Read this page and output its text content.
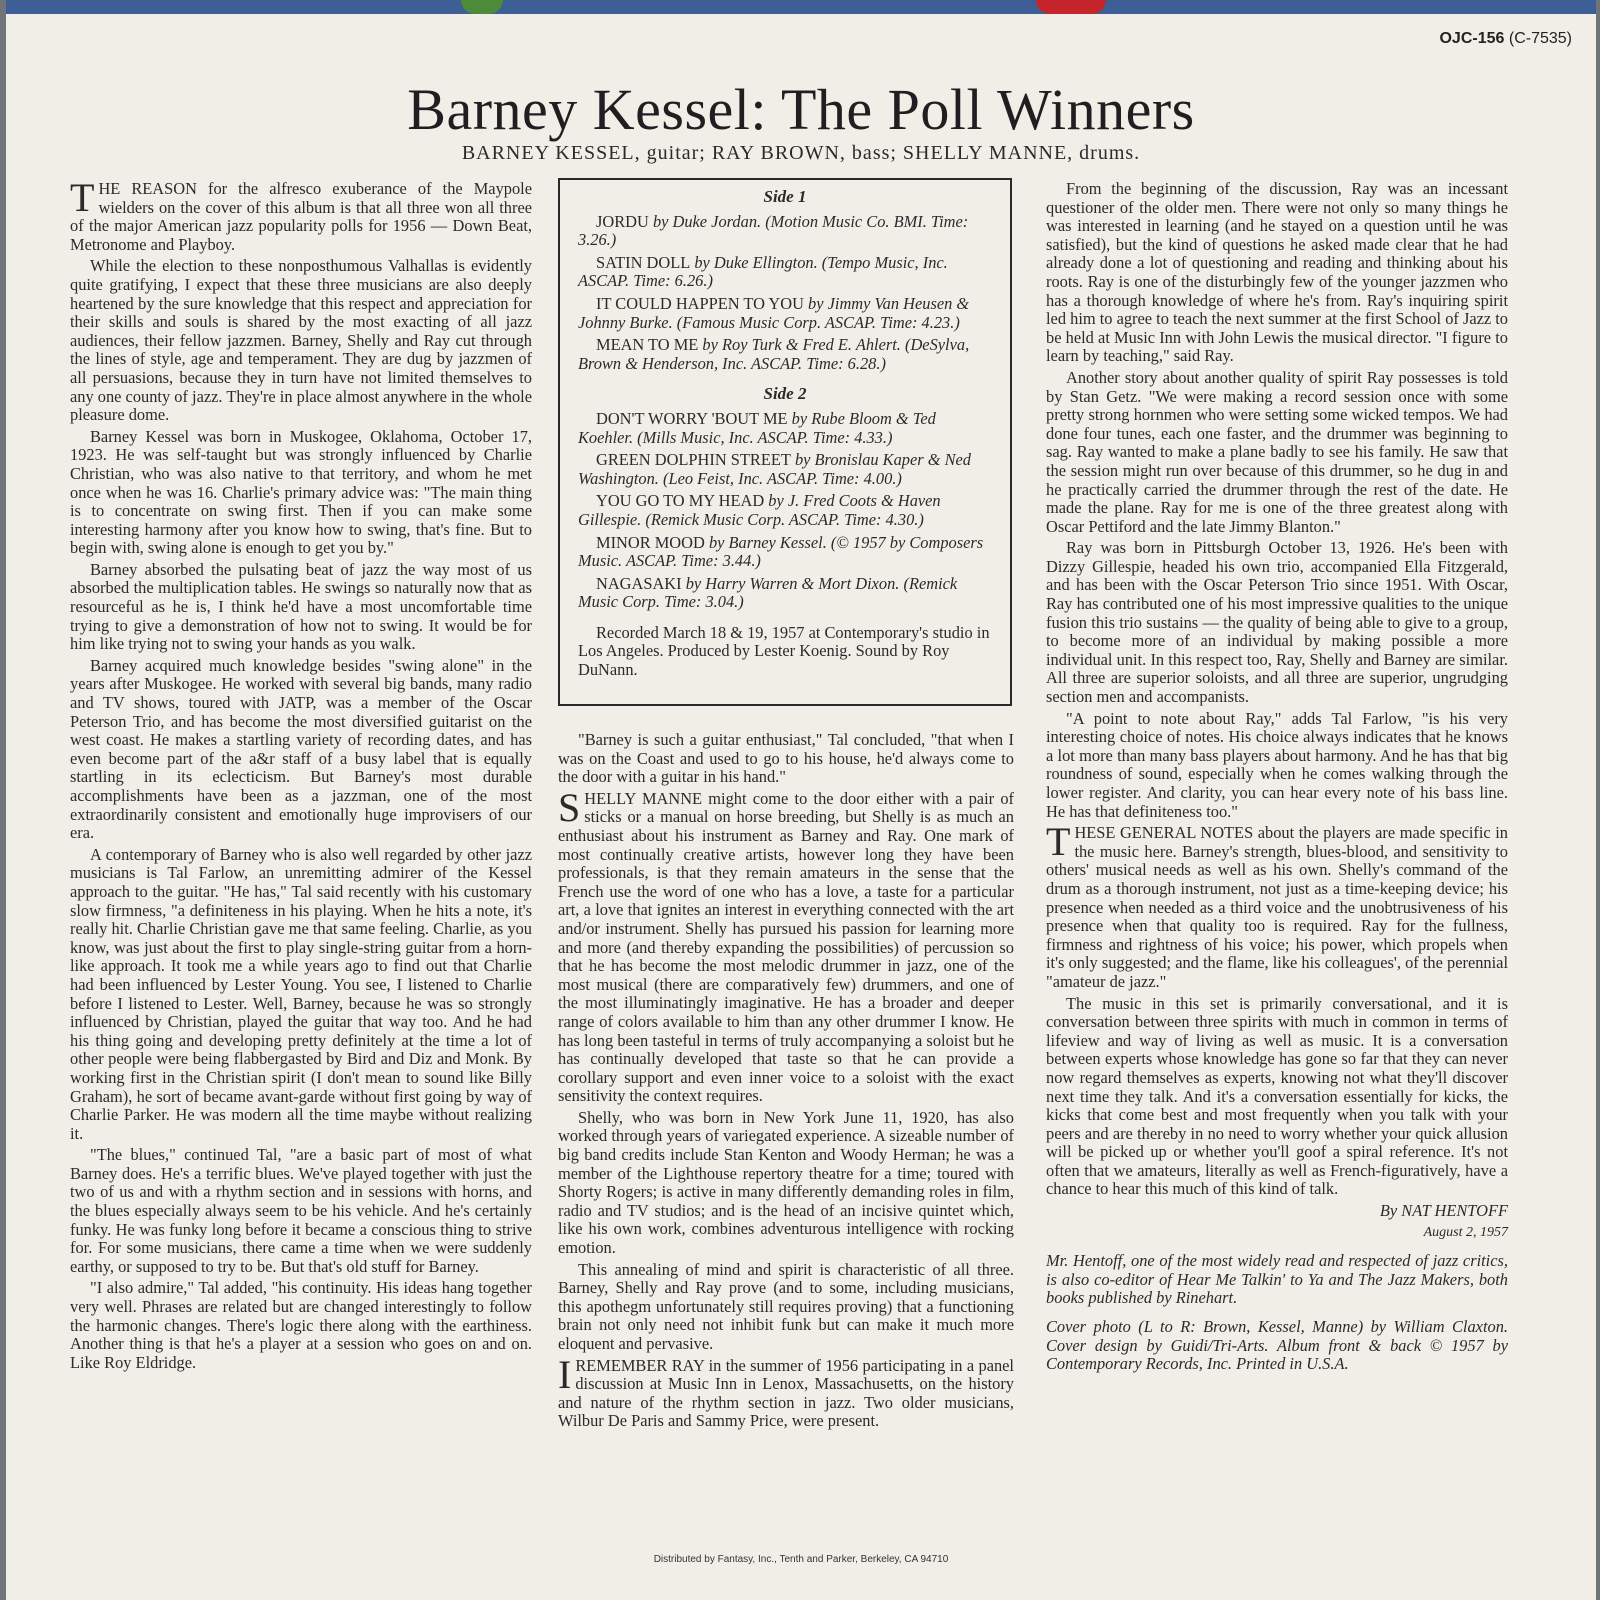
OJC-156 (C-7535)
Barney Kessel: The Poll Winners
BARNEY KESSEL, guitar; RAY BROWN, bass; SHELLY MANNE, drums.

THE REASON for the alfresco exuberance of the Maypole wielders on the cover of this album is that all three won all three of the major American jazz popularity polls for 1956 — Down Beat, Metronome and Playboy.

While the election to these nonposthumous Valhallas is evidently quite gratifying, I expect that these three musicians are also deeply heartened by the sure knowledge that this respect and appreciation for their skills and souls is shared by the most exacting of all jazz audiences, their fellow jazzmen. Barney, Shelly and Ray cut through the lines of style, age and temperament. They are dug by jazzmen of all persuasions, because they in turn have not limited themselves to any one county of jazz. They're in place almost anywhere in the whole pleasure dome.

Barney Kessel was born in Muskogee, Oklahoma, October 17, 1923. He was self-taught but was strongly influenced by Charlie Christian, who was also native to that territory, and whom he met once when he was 16. Charlie's primary advice was: "The main thing is to concentrate on swing first. Then if you can make some interesting harmony after you know how to swing, that's fine. But to begin with, swing alone is enough to get you by."

Barney absorbed the pulsating beat of jazz the way most of us absorbed the multiplication tables. He swings so naturally now that as resourceful as he is, I think he'd have a most uncomfortable time trying to give a demonstration of how not to swing. It would be for him like trying not to swing your hands as you walk.

Barney acquired much knowledge besides "swing alone" in the years after Muskogee. He worked with several big bands, many radio and TV shows, toured with JATP, was a member of the Oscar Peterson Trio, and has become the most diversified guitarist on the west coast. He makes a startling variety of recording dates, and has even become part of the a&r staff of a busy label that is equally startling in its eclecticism. But Barney's most durable accomplishments have been as a jazzman, one of the most extraordinarily consistent and emotionally huge improvisers of our era.

A contemporary of Barney who is also well regarded by other jazz musicians is Tal Farlow, an unremitting admirer of the Kessel approach to the guitar. "He has," Tal said recently with his customary slow firmness, "a definiteness in his playing. When he hits a note, it's really hit. Charlie Christian gave me that same feeling. Charlie, as you know, was just about the first to play single-string guitar from a horn-like approach. It took me a while years ago to find out that Charlie had been influenced by Lester Young. You see, I listened to Charlie before I listened to Lester. Well, Barney, because he was so strongly influenced by Christian, played the guitar that way too. And he had his thing going and developing pretty definitely at the time a lot of other people were being flabbergasted by Bird and Diz and Monk. By working first in the Christian spirit (I don't mean to sound like Billy Graham), he sort of became avant-garde without first going by way of Charlie Parker. He was modern all the time maybe without realizing it.

"The blues," continued Tal, "are a basic part of most of what Barney does. He's a terrific blues. We've played together with just the two of us and with a rhythm section and in sessions with horns, and the blues especially always seem to be his vehicle. And he's certainly funky. He was funky long before it became a conscious thing to strive for. For some musicians, there came a time when we were suddenly earthy, or supposed to try to be. But that's old stuff for Barney.

"I also admire," Tal added, "his continuity. His ideas hang together very well. Phrases are related but are changed interestingly to follow the harmonic changes. There's logic there along with the earthiness. Another thing is that he's a player at a session who goes on and on. Like Roy Eldridge.

Side 1
JORDU by Duke Jordan. (Motion Music Co. BMI. Time: 3.26.)
SATIN DOLL by Duke Ellington. (Tempo Music, Inc. ASCAP. Time: 6.26.)
IT COULD HAPPEN TO YOU by Jimmy Van Heusen & Johnny Burke. (Famous Music Corp. ASCAP. Time: 4.23.)
MEAN TO ME by Roy Turk & Fred E. Ahlert. (DeSylva, Brown & Henderson, Inc. ASCAP. Time: 6.28.)
Side 2
DON'T WORRY 'BOUT ME by Rube Bloom & Ted Koehler. (Mills Music, Inc. ASCAP. Time: 4.33.)
GREEN DOLPHIN STREET by Bronislau Kaper & Ned Washington. (Leo Feist, Inc. ASCAP. Time: 4.00.)
YOU GO TO MY HEAD by J. Fred Coots & Haven Gillespie. (Remick Music Corp. ASCAP. Time: 4.30.)
MINOR MOOD by Barney Kessel. (© 1957 by Composers Music. ASCAP. Time: 3.44.)
NAGASAKI by Harry Warren & Mort Dixon. (Remick Music Corp. Time: 3.04.)
Recorded March 18 & 19, 1957 at Contemporary's studio in Los Angeles. Produced by Lester Koenig. Sound by Roy DuNann.

"Barney is such a guitar enthusiast," Tal concluded, "that when I was on the Coast and used to go to his house, he'd always come to the door with a guitar in his hand."

SHELLY MANNE might come to the door either with a pair of sticks or a manual on horse breeding, but Shelly is as much an enthusiast about his instrument as Barney and Ray. One mark of most continually creative artists, however long they have been professionals, is that they remain amateurs in the sense that the French use the word of one who has a love, a taste for a particular art, a love that ignites an interest in everything connected with the art and/or instrument. Shelly has pursued his passion for learning more and more (and thereby expanding the possibilities) of percussion so that he has become the most melodic drummer in jazz, one of the most musical (there are comparatively few) drummers, and one of the most illuminatingly imaginative. He has a broader and deeper range of colors available to him than any other drummer I know. He has long been tasteful in terms of truly accompanying a soloist but he has continually developed that taste so that he can provide a corollary support and even inner voice to a soloist with the exact sensitivity the context requires.

Shelly, who was born in New York June 11, 1920, has also worked through years of variegated experience. A sizeable number of big band credits include Stan Kenton and Woody Herman; he was a member of the Lighthouse repertory theatre for a time; toured with Shorty Rogers; is active in many differently demanding roles in film, radio and TV studios; and is the head of an incisive quintet which, like his own work, combines adventurous intelligence with rocking emotion.

This annealing of mind and spirit is characteristic of all three. Barney, Shelly and Ray prove (and to some, including musicians, this apothegm unfortunately still requires proving) that a functioning brain not only need not inhibit funk but can make it much more eloquent and pervasive.

IREMEMBER RAY in the summer of 1956 participating in a panel discussion at Music Inn in Lenox, Massachusetts, on the history and nature of the rhythm section in jazz. Two older musicians, Wilbur De Paris and Sammy Price, were present.

From the beginning of the discussion, Ray was an incessant questioner of the older men. There were not only so many things he was interested in learning (and he stayed on a question until he was satisfied), but the kind of questions he asked made clear that he had already done a lot of questioning and reading and thinking about his roots. Ray is one of the disturbingly few of the younger jazzmen who has a thorough knowledge of where he's from. Ray's inquiring spirit led him to agree to teach the next summer at the first School of Jazz to be held at Music Inn with John Lewis the musical director. "I figure to learn by teaching," said Ray.

Another story about another quality of spirit Ray possesses is told by Stan Getz. "We were making a record session once with some pretty strong hornmen who were setting some wicked tempos. We had done four tunes, each one faster, and the drummer was beginning to sag. Ray wanted to make a plane badly to see his family. He saw that the session might run over because of this drummer, so he dug in and he practically carried the drummer through the rest of the date. He made the plane. Ray for me is one of the three greatest along with Oscar Pettiford and the late Jimmy Blanton."

Ray was born in Pittsburgh October 13, 1926. He's been with Dizzy Gillespie, headed his own trio, accompanied Ella Fitzgerald, and has been with the Oscar Peterson Trio since 1951. With Oscar, Ray has contributed one of his most impressive qualities to the unique fusion this trio sustains — the quality of being able to give to a group, to become more of an individual by making possible a more individual unit. In this respect too, Ray, Shelly and Barney are similar. All three are superior soloists, and all three are superior, ungrudging section men and accompanists.

"A point to note about Ray," adds Tal Farlow, "is his very interesting choice of notes. His choice always indicates that he knows a lot more than many bass players about harmony. And he has that big roundness of sound, especially when he comes walking through the lower register. And clarity, you can hear every note of his bass line. He has that definiteness too."

THESE GENERAL NOTES about the players are made specific in the music here. Barney's strength, blues-blood, and sensitivity to others' musical needs as well as his own. Shelly's command of the drum as a thorough instrument, not just as a time-keeping device; his presence when needed as a third voice and the unobtrusiveness of his presence when that quality too is required. Ray for the fullness, firmness and rightness of his voice; his power, which propels when it's only suggested; and the flame, like his colleagues', of the perennial "amateur de jazz."

The music in this set is primarily conversational, and it is conversation between three spirits with much in common in terms of lifeview and way of living as well as music. It is a conversation between experts whose knowledge has gone so far that they can never now regard themselves as experts, knowing not what they'll discover next time they talk. And it's a conversation essentially for kicks, the kicks that come best and most frequently when you talk with your peers and are thereby in no need to worry whether your quick allusion will be picked up or whether you'll goof a spiral reference. It's not often that we amateurs, literally as well as French-figuratively, have a chance to hear this much of this kind of talk.

By NAT HENTOFF

August 2, 1957

Mr. Hentoff, one of the most widely read and respected of jazz critics, is also co-editor of Hear Me Talkin' to Ya and The Jazz Makers, both books published by Rinehart.

Cover photo (L to R: Brown, Kessel, Manne) by William Claxton. Cover design by Guidi/Tri-Arts. Album front & back © 1957 by Contemporary Records, Inc. Printed in U.S.A.

Distributed by Fantasy, Inc., Tenth and Parker, Berkeley, CA 94710
